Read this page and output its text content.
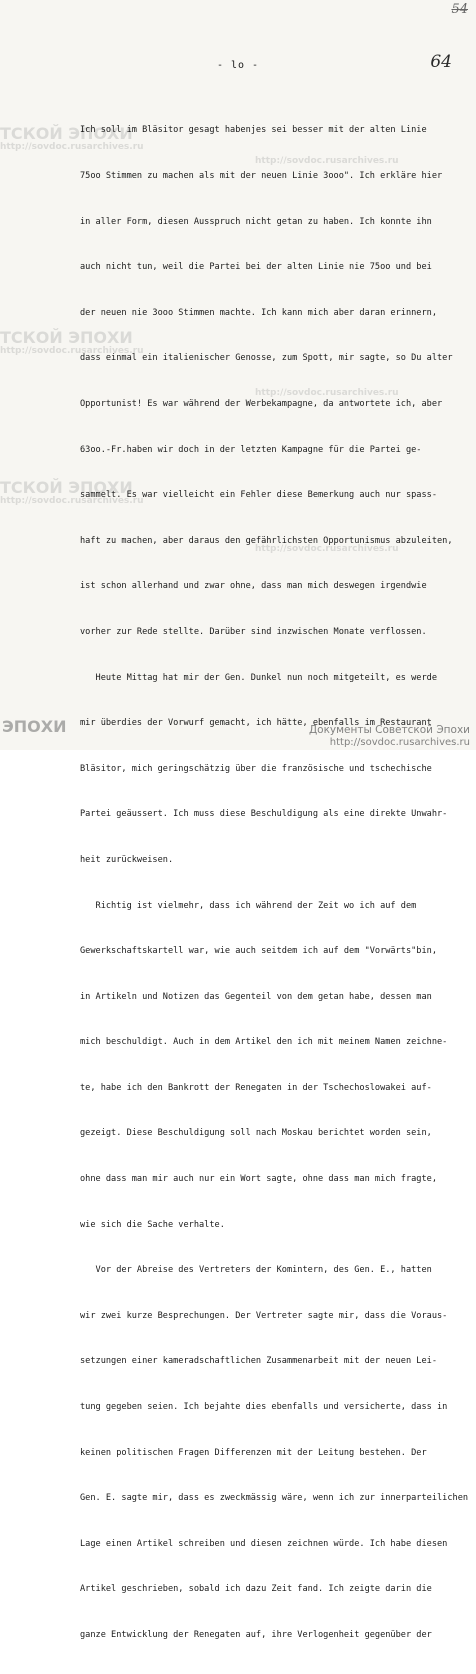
54
64
- lo -
ТСКОЙ ЭПОХИ
http://sovdoc.rusarchives.ru
http://sovdoc.rusarchives.ru
ТСКОЙ ЭПОХИ
http://sovdoc.rusarchives.ru
http://sovdoc.rusarchives.ru
ТСКОЙ ЭПОХИ
http://sovdoc.rusarchives.ru
http://sovdoc.rusarchives.ru

Ich soll im Bläsitor gesagt habenjes sei besser mit der alten Linie

75oo Stimmen zu machen als mit der neuen Linie 3ooo". Ich erkläre hier

in aller Form, diesen Ausspruch nicht getan zu haben. Ich konnte ihn

auch nicht tun, weil die Partei bei der alten Linie nie 75oo und bei

der neuen nie 3ooo Stimmen machte. Ich kann mich aber daran erinnern,

dass einmal ein italienischer Genosse, zum Spott, mir sagte, so Du alter

Opportunist! Es war während der Werbekampagne, da antwortete ich, aber

63oo.-Fr.haben wir doch in der letzten Kampagne für die Partei ge-

sammelt. Es war vielleicht ein Fehler diese Bemerkung auch nur spass-

haft zu machen, aber daraus den gefährlichsten Opportunismus abzuleiten,

ist schon allerhand und zwar ohne, dass man mich deswegen irgendwie

vorher zur Rede stellte. Darüber sind inzwischen Monate verflossen.

Heute Mittag hat mir der Gen. Dunkel nun noch mitgeteilt, es werde

mir überdies der Vorwurf gemacht, ich hätte, ebenfalls im Restaurant

Bläsitor, mich geringschätzig über die französische und tschechische

Partei geäussert. Ich muss diese Beschuldigung als eine direkte Unwahr-

heit zurückweisen.

Richtig ist vielmehr, dass ich während der Zeit wo ich auf dem

Gewerkschaftskartell war, wie auch seitdem ich auf dem "Vorwärts"bin,

in Artikeln und Notizen das Gegenteil von dem getan habe, dessen man

mich beschuldigt. Auch in dem Artikel den ich mit meinem Namen zeichne-

te, habe ich den Bankrott der Renegaten in der Tschechoslowakei auf-

gezeigt. Diese Beschuldigung soll nach Moskau berichtet worden sein,

ohne dass man mir auch nur ein Wort sagte, ohne dass man mich fragte,

wie sich die Sache verhalte.

Vor der Abreise des Vertreters der Komintern, des Gen. E., hatten

wir zwei kurze Besprechungen. Der Vertreter sagte mir, dass die Voraus-

setzungen einer kameradschaftlichen Zusammenarbeit mit der neuen Lei-

tung gegeben seien. Ich bejahte dies ebenfalls und versicherte, dass in

keinen politischen Fragen Differenzen mit der Leitung bestehen. Der

Gen. E. sagte mir, dass es zweckmässig wäre, wenn ich zur innerparteilichen

Lage einen Artikel schreiben und diesen zeichnen würde. Ich habe diesen

Artikel geschrieben, sobald ich dazu Zeit fand. Ich zeigte darin die

ganze Entwicklung der Renegaten auf, ihre Verlogenheit gegenüber der

ЭПОХИ	Документы Советской Эпохи
http://sovdoc.rusarchives.ru
